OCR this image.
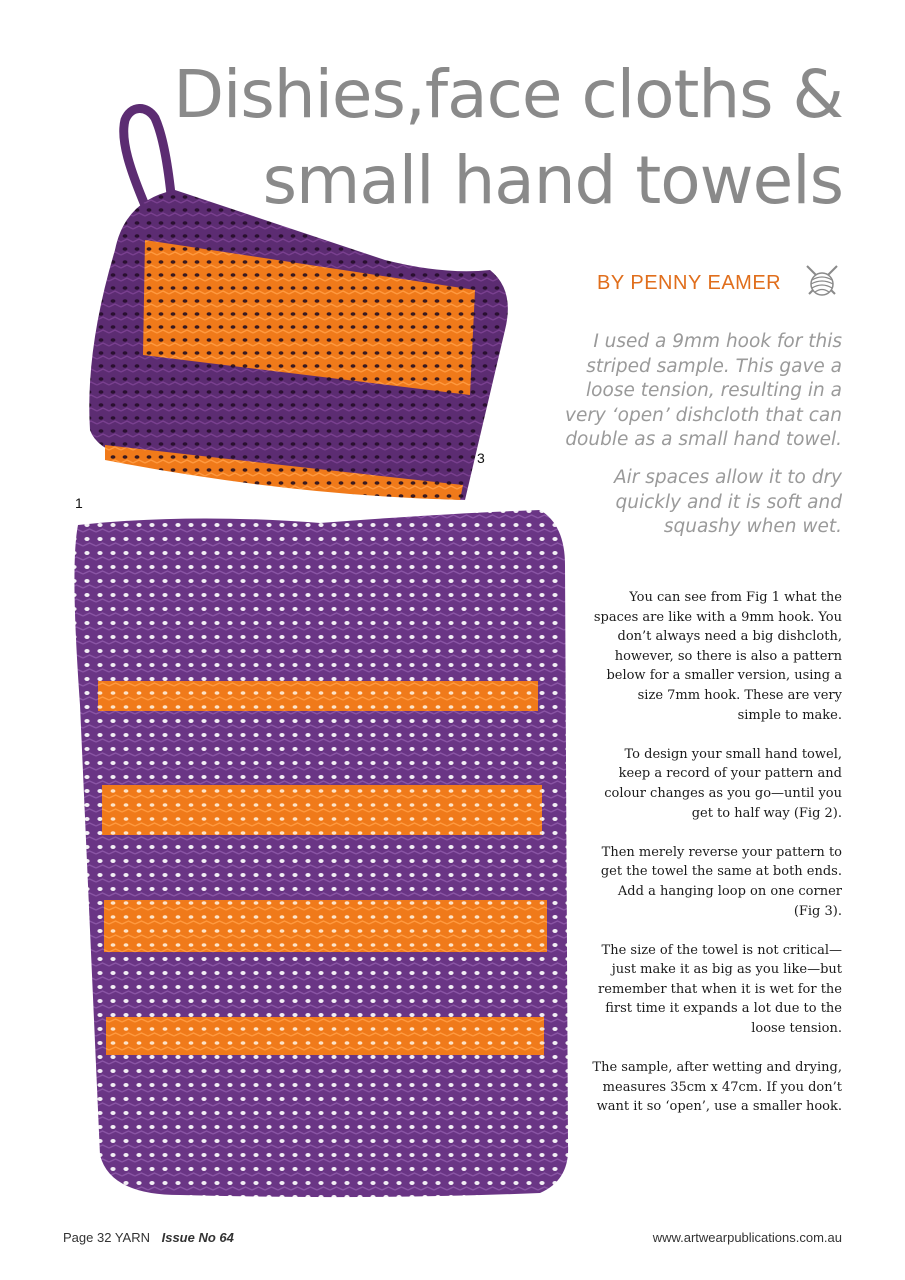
Dishies,face cloths &
small hand towels
BY PENNY EAMER
I used a 9mm hook for this striped sample. This gave a loose tension, resulting in a very ‘open’ dishcloth that can double as a small hand towel.
Air spaces allow it to dry quickly and it is soft and squashy when wet.

You can see from Fig 1 what the spaces are like with a 9mm hook. You don’t always need a big dishcloth, however, so there is also a pattern below for a smaller version, using a size 7mm hook. These are very simple to make.

To design your small hand towel, keep a record of your pattern and colour changes as you go—until you get to half way (Fig 2).

Then merely reverse your pattern to get the towel the same at both ends. Add a hanging loop on one corner (Fig 3).

The size of the towel is not critical—just make it as big as you like—but remember that when it is wet for the first time it expands a lot due to the loose tension.

The sample, after wetting and drying, measures 35cm x 47cm. If you don’t want it so ‘open’, use a smaller hook.

3
1
Page 32 YARN Issue No 64	www.artwearpublications.com.au
